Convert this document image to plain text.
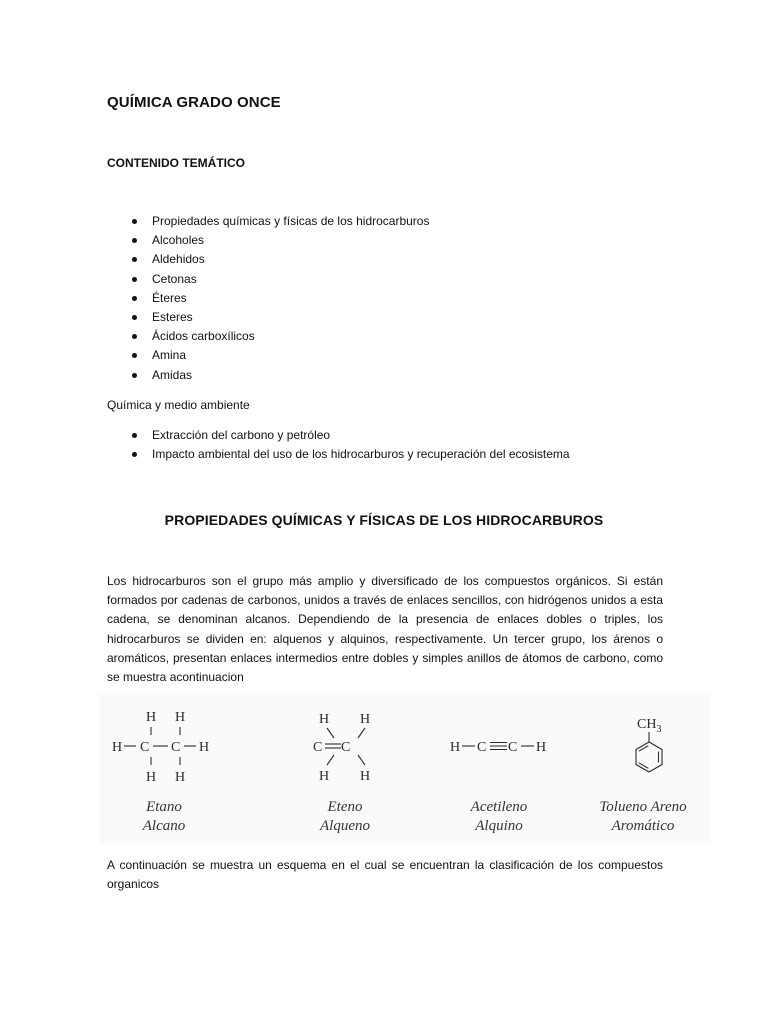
QUÍMICA GRADO ONCE
CONTENIDO TEMÁTICO
Propiedades químicas y físicas de los hidrocarburos
Alcoholes
Aldehidos
Cetonas
Éteres
Esteres
Ácidos carboxílicos
Amina
Amidas
Química y medio ambiente
Extracción del carbono y petróleo
Impacto ambiental del uso de los hidrocarburos y recuperación del ecosistema
PROPIEDADES QUÍMICAS Y FÍSICAS DE LOS HIDROCARBUROS

Los hidrocarburos son el grupo más amplio y diversificado de los compuestos orgánicos. Si están formados por cadenas de carbonos, unidos a través de enlaces sencillos, con hidrógenos unidos a esta cadena, se denominan alcanos. Dependiendo de la presencia de enlaces dobles o triples, los hidrocarburos se dividen en: alquenos y alquinos, respectivamente. Un tercer grupo, los árenos o aromáticos, presentan enlaces intermedios entre dobles y simples anillos de átomos de carbono, como se muestra acontinuacion

H H
H C C H
H H
H H
C C
H H
H C C H
$CH_3$
Etano
Alcano
Eteno
Alqueno
Acetileno
Alquino
Tolueno Areno
Aromático

A continuación se muestra un esquema en el cual se encuentran la clasificación de los compuestos organicos
